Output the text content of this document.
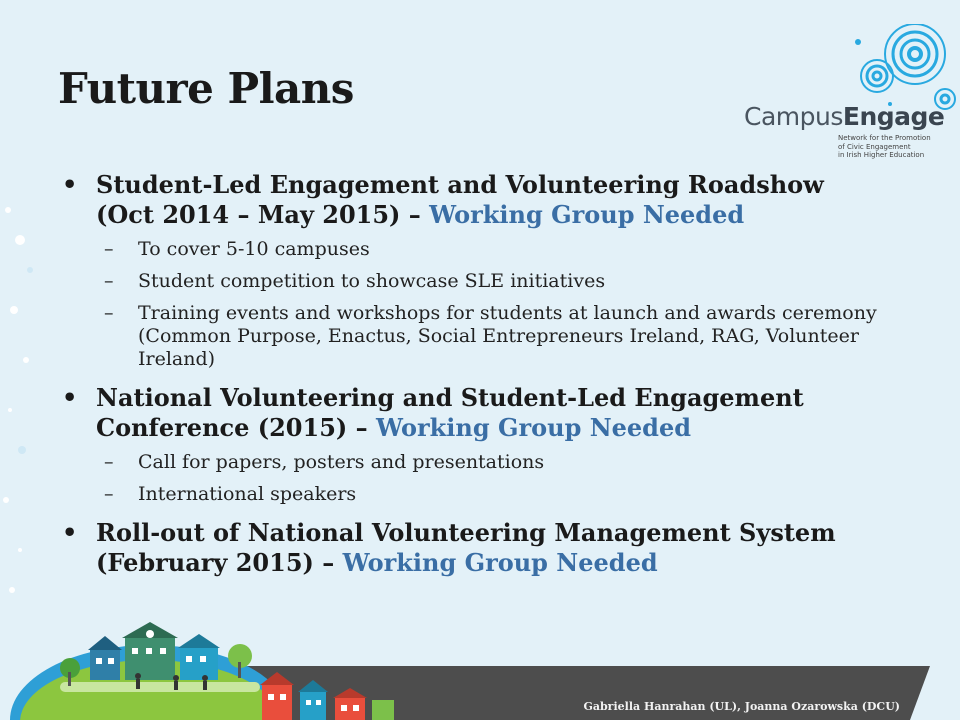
Future Plans
CampusEngage
Network for the Promotion
of Civic Engagement
in Irish Higher Education
• Student-Led Engagement and Volunteering Roadshow (Oct 2014 – May 2015) – Working Group Needed
– To cover 5-10 campuses
– Student competition to showcase SLE initiatives
– Training events and workshops for students at launch and awards ceremony (Common Purpose, Enactus, Social Entrepreneurs Ireland, RAG, Volunteer Ireland)
• National Volunteering and Student-Led Engagement Conference (2015) – Working Group Needed
– Call for papers, posters and presentations
– International speakers
• Roll-out of National Volunteering Management System (February 2015) – Working Group Needed
Gabriella Hanrahan (UL), Joanna Ozarowska (DCU)
